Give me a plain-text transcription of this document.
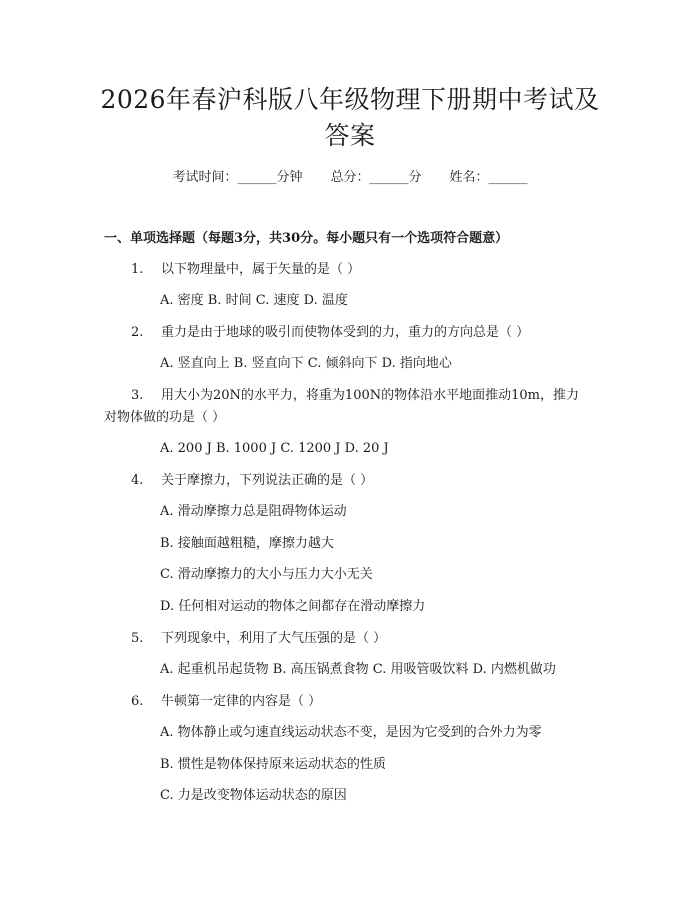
2026年春沪科版八年级物理下册期中考试及
答案
考试时间：______分钟 总分：______分 姓名：______
一、单项选择题（每题3分，共30分。每小题只有一个选项符合题意）
1. 以下物理量中，属于矢量的是（ ）
A. 密度 B. 时间 C. 速度 D. 温度
2. 重力是由于地球的吸引而使物体受到的力，重力的方向总是（ ）
A. 竖直向上 B. 竖直向下 C. 倾斜向下 D. 指向地心
3. 用大小为20N的水平力，将重为100N的物体沿水平地面推动10m，推力
对物体做的功是（ ）
A. 200 J B. 1000 J C. 1200 J D. 20 J
4. 关于摩擦力，下列说法正确的是（ ）
A. 滑动摩擦力总是阻碍物体运动
B. 接触面越粗糙，摩擦力越大
C. 滑动摩擦力的大小与压力大小无关
D. 任何相对运动的物体之间都存在滑动摩擦力
5. 下列现象中，利用了大气压强的是（ ）
A. 起重机吊起货物 B. 高压锅煮食物 C. 用吸管吸饮料 D. 内燃机做功
6. 牛顿第一定律的内容是（ ）
A. 物体静止或匀速直线运动状态不变，是因为它受到的合外力为零
B. 惯性是物体保持原来运动状态的性质
C. 力是改变物体运动状态的原因
